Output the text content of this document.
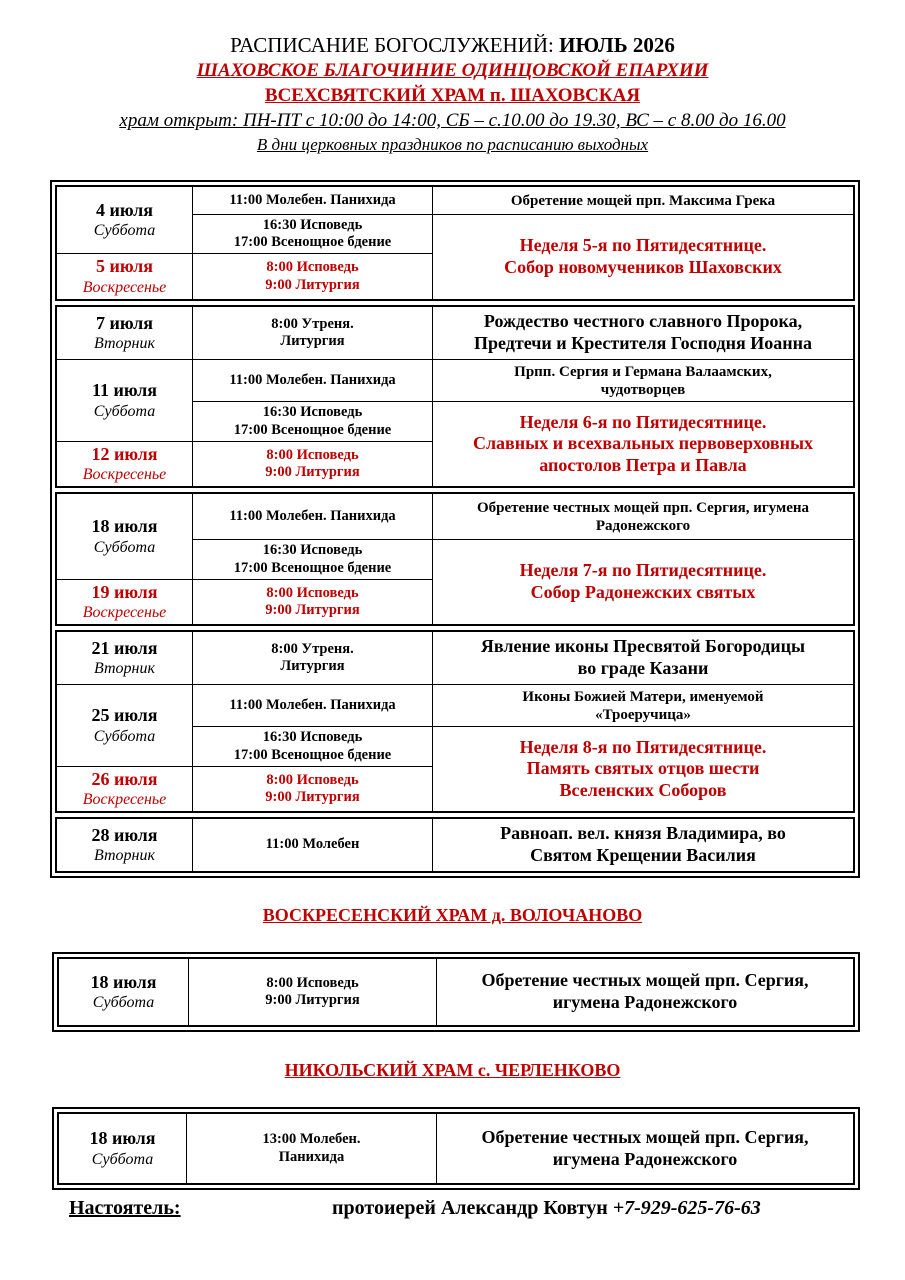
РАСПИСАНИЕ БОГОСЛУЖЕНИЙ: ИЮЛЬ 2026
ШАХОВСКОЕ БЛАГОЧИНИЕ ОДИНЦОВСКОЙ ЕПАРХИИ
ВСЕХСВЯТСКИЙ ХРАМ п. ШАХОВСКАЯ
храм открыт: ПН-ПТ с 10:00 до 14:00, СБ – с.10.00 до 19.30, ВС – с 8.00 до 16.00
В дни церковных праздников по расписанию выходных
4 июля
Суббота
5 июля
Воскресенье
11:00 Молебен. Панихида
16:30 Исповедь
17:00 Всенощное бдение
8:00 Исповедь
9:00 Литургия
Обретение мощей прп. Максима Грека
Неделя 5-я по Пятидесятнице.
Собор новомучеников Шаховских
7 июля
Вторник
8:00 Утреня.
Литургия
Рождество честного славного Пророка,
Предтечи и Крестителя Господня Иоанна
11 июля
Суббота
12 июля
Воскресенье
11:00 Молебен. Панихида
16:30 Исповедь
17:00 Всенощное бдение
8:00 Исповедь
9:00 Литургия
Прпп. Сергия и Германа Валаамских,
чудотворцев
Неделя 6-я по Пятидесятнице.
Славных и всехвальных первоверховных
апостолов Петра и Павла
18 июля
Суббота
19 июля
Воскресенье
11:00 Молебен. Панихида
16:30 Исповедь
17:00 Всенощное бдение
8:00 Исповедь
9:00 Литургия
Обретение честных мощей прп. Сергия, игумена
Радонежского
Неделя 7-я по Пятидесятнице.
Собор Радонежских святых
21 июля
Вторник
8:00 Утреня.
Литургия
Явление иконы Пресвятой Богородицы
во граде Казани
25 июля
Суббота
26 июля
Воскресенье
11:00 Молебен. Панихида
16:30 Исповедь
17:00 Всенощное бдение
8:00 Исповедь
9:00 Литургия
Иконы Божией Матери, именуемой
«Троеручица»
Неделя 8-я по Пятидесятнице.
Память святых отцов шести
Вселенских Соборов
28 июля
Вторник
11:00 Молебен
Равноап. вел. князя Владимира, во
Святом Крещении Василия
ВОСКРЕСЕНСКИЙ ХРАМ д. ВОЛОЧАНОВО
18 июля
Суббота
8:00 Исповедь
9:00 Литургия
Обретение честных мощей прп. Сергия,
игумена Радонежского
НИКОЛЬСКИЙ ХРАМ с. ЧЕРЛЕНКОВО
18 июля
Суббота
13:00 Молебен.
Панихида
Обретение честных мощей прп. Сергия,
игумена Радонежского
Настоятель:	протоиерей Александр Ковтун +7-929-625-76-63
